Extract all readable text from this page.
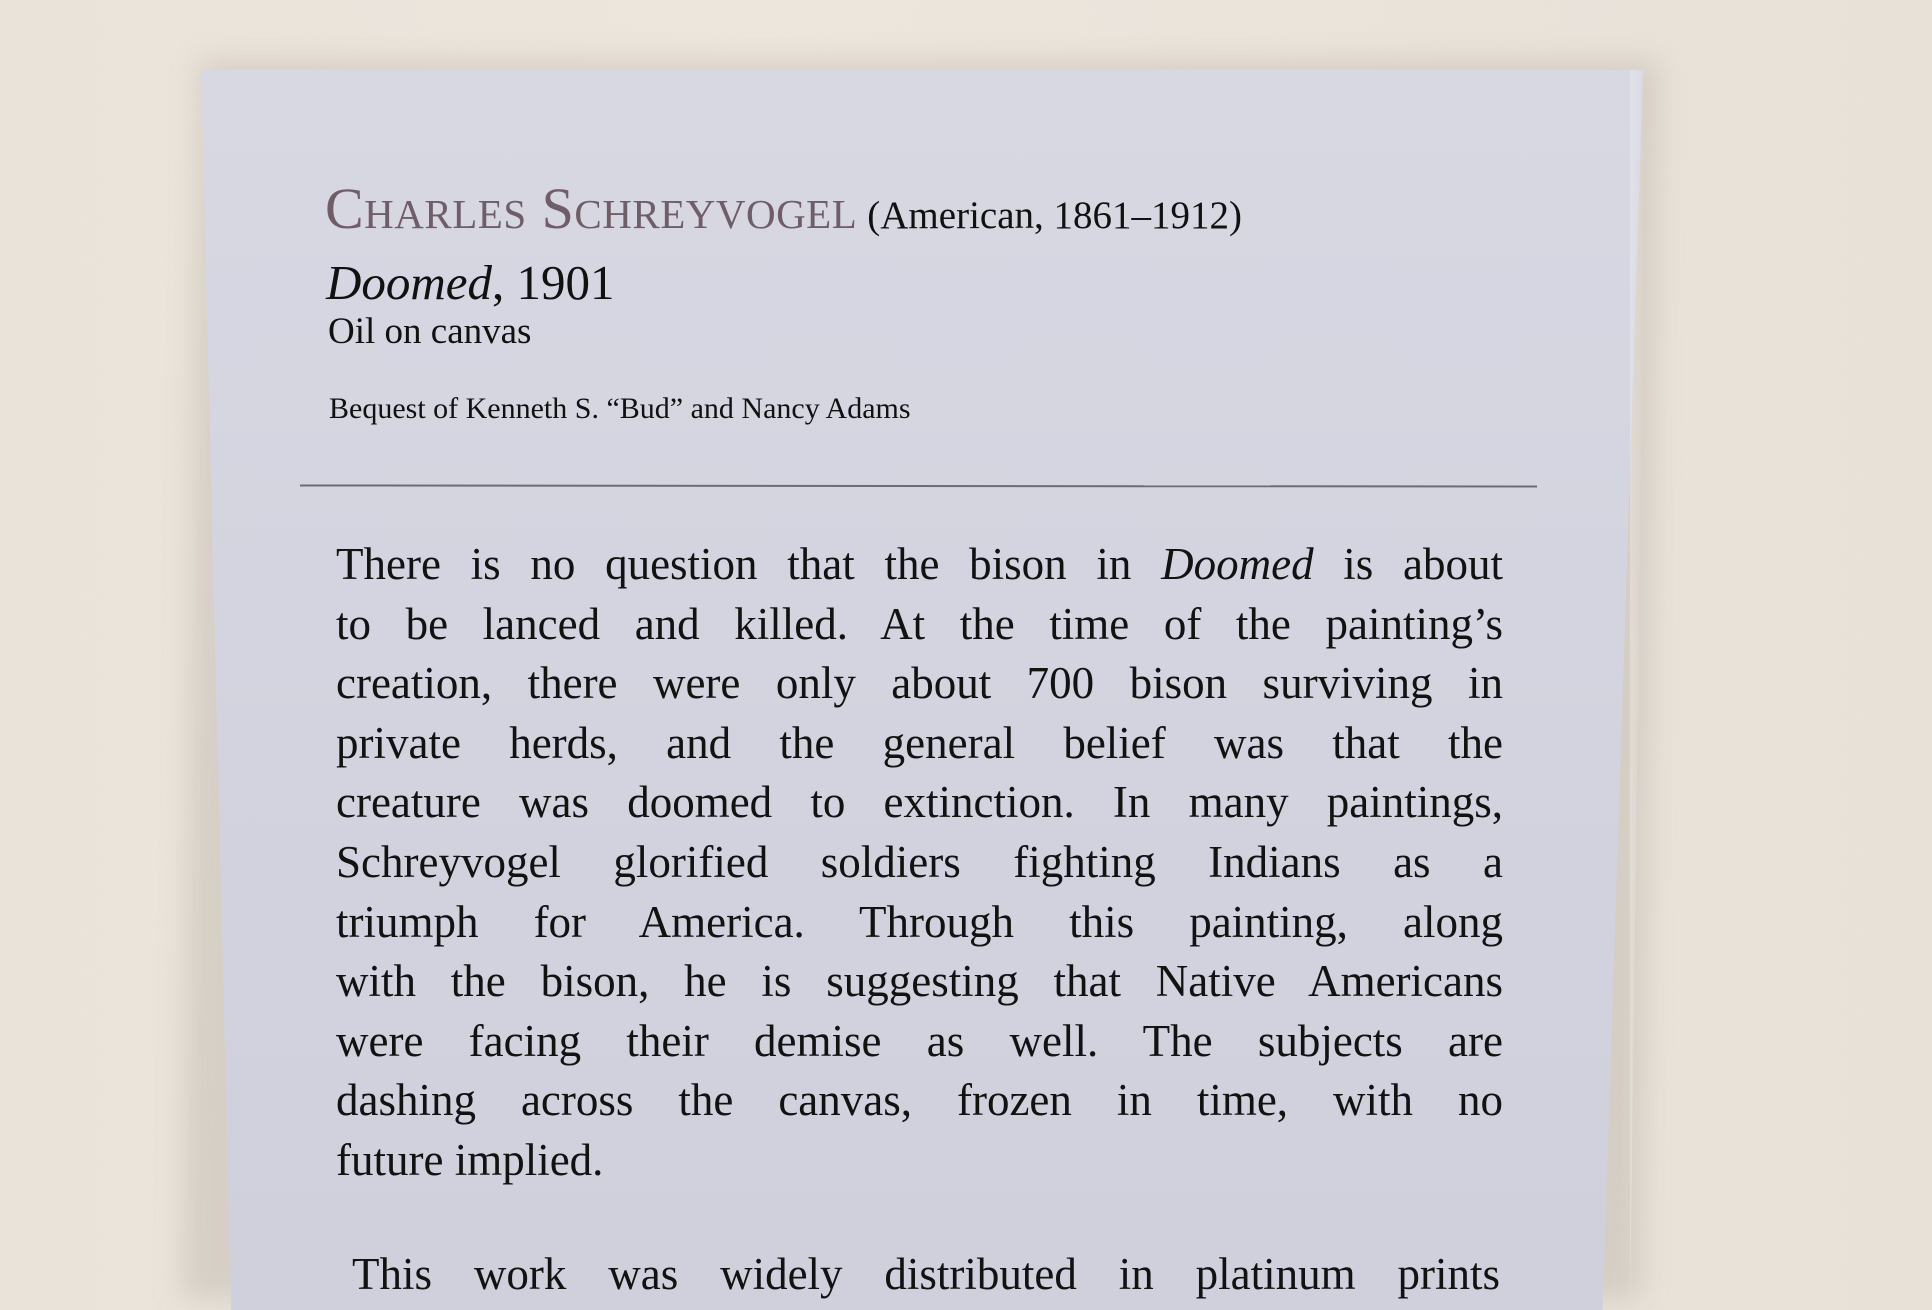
Charles Schreyvogel (American, 1861–1912)
Doomed, 1901
Oil on canvas
Bequest of Kenneth S. “Bud” and Nancy Adams
There is no question that the bison in Doomed is about
to be lanced and killed. At the time of the painting’s
creation, there were only about 700 bison surviving in
private herds, and the general belief was that the
creature was doomed to extinction. In many paintings,
Schreyvogel glorified soldiers fighting Indians as a
triumph for America. Through this painting, along
with the bison, he is suggesting that Native Americans
were facing their demise as well. The subjects are
dashing across the canvas, frozen in time, with no
future implied.
This work was widely distributed in platinum prints
